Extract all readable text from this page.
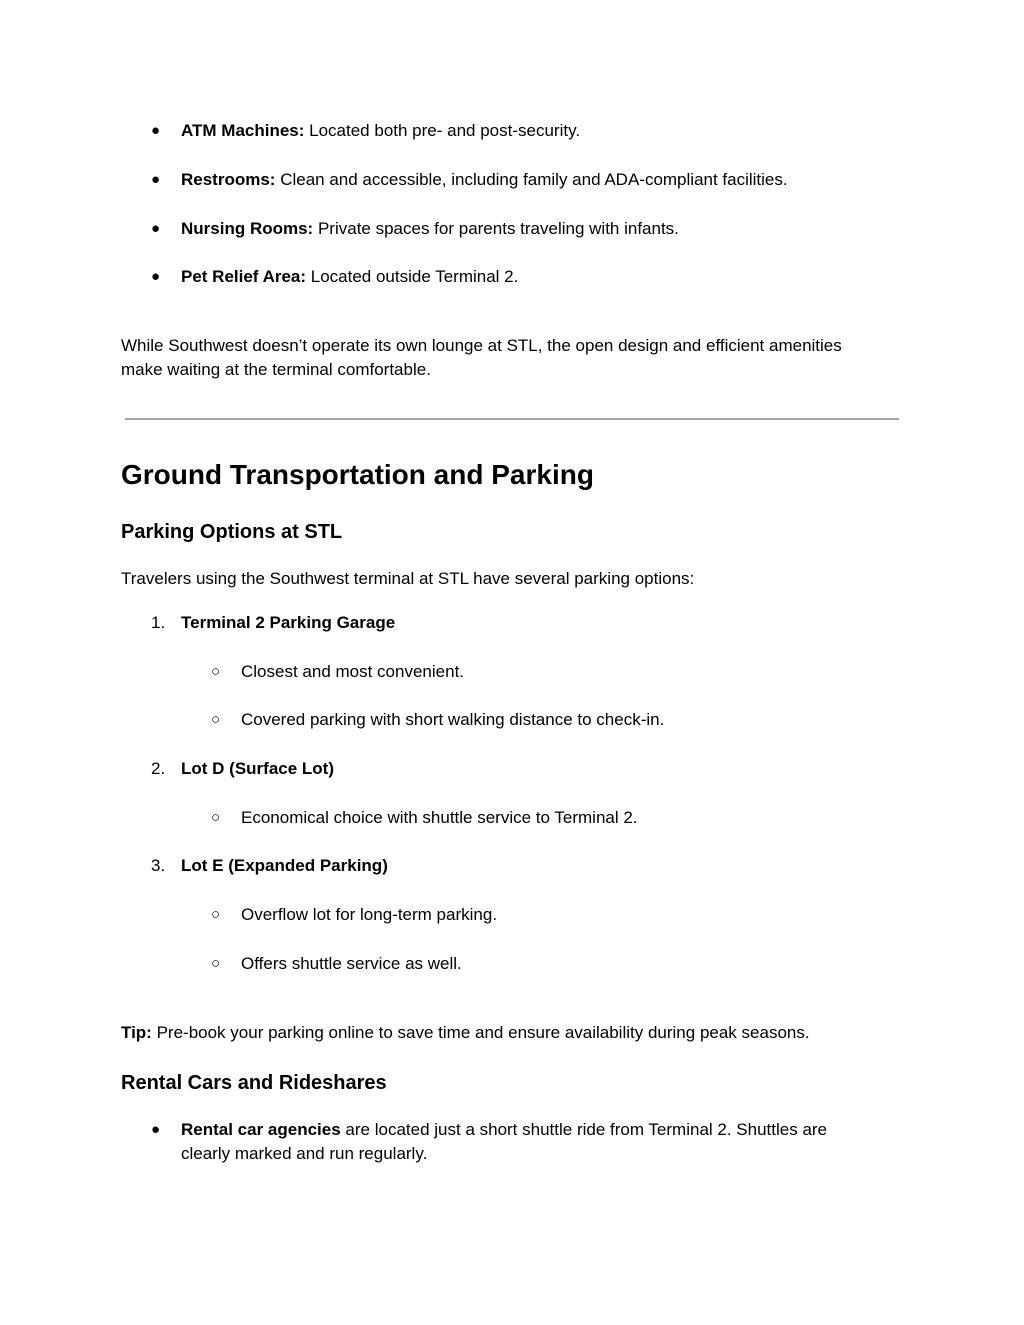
● ATM Machines: Located both pre- and post-security.
● Restrooms: Clean and accessible, including family and ADA-compliant facilities.
● Nursing Rooms: Private spaces for parents traveling with infants.
● Pet Relief Area: Located outside Terminal 2.
While Southwest doesn’t operate its own lounge at STL, the open design and efficient amenities
make waiting at the terminal comfortable.
Ground Transportation and Parking
Parking Options at STL
Travelers using the Southwest terminal at STL have several parking options:
1. Terminal 2 Parking Garage
○ Closest and most convenient.
○ Covered parking with short walking distance to check-in.
2. Lot D (Surface Lot)
○ Economical choice with shuttle service to Terminal 2.
3. Lot E (Expanded Parking)
○ Overflow lot for long-term parking.
○ Offers shuttle service as well.
Tip: Pre-book your parking online to save time and ensure availability during peak seasons.
Rental Cars and Rideshares
● Rental car agencies are located just a short shuttle ride from Terminal 2. Shuttles are
clearly marked and run regularly.
